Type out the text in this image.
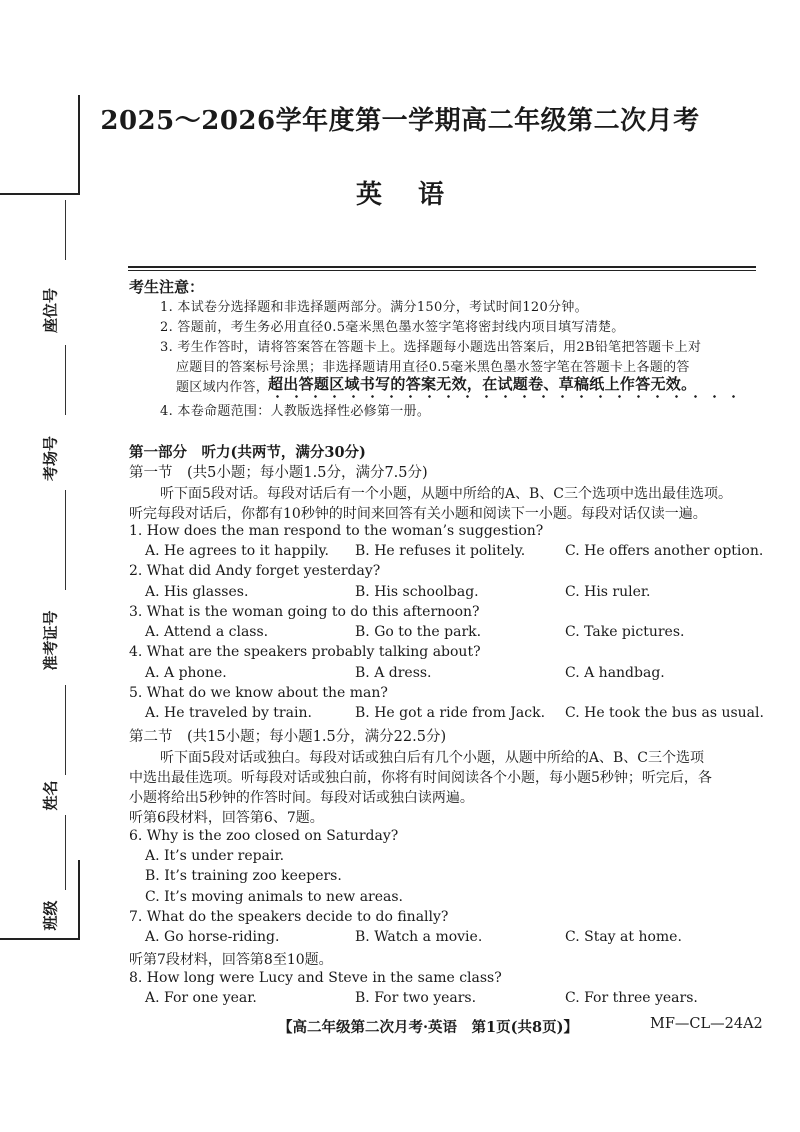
座位号
考场号
准考证号
姓名
班级
2025～2026学年度第一学期高二年级第二次月考
英 语
考生注意：
1. 本试卷分选择题和非选择题两部分。满分150分，考试时间120分钟。
2. 答题前，考生务必用直径0.5毫米黑色墨水签字笔将密封线内项目填写清楚。
3. 考生作答时，请将答案答在答题卡上。选择题每小题选出答案后，用2B铅笔把答题卡上对
应题目的答案标号涂黑；非选择题请用直径0.5毫米黑色墨水签字笔在答题卡上各题的答
题区域内作答，
超出答题区域书写的答案无效，在试题卷、草稿纸上作答无效。
4. 本卷命题范围：人教版选择性必修第一册。
第一部分　听力(共两节，满分30分)
第一节　(共5小题；每小题1.5分，满分7.5分)
听下面5段对话。每段对话后有一个小题，从题中所给的A、B、C三个选项中选出最佳选项。
听完每段对话后，你都有10秒钟的时间来回答有关小题和阅读下一小题。每段对话仅读一遍。
1. How does the man respond to the woman’s suggestion?
A. He agrees to it happily. B. He refuses it politely.	C. He offers another option.
2. What did Andy forget yesterday?
A. His glasses.	B. His schoolbag.	C. His ruler.
3. What is the woman going to do this afternoon?
A. Attend a class.	B. Go to the park.	C. Take pictures.
4. What are the speakers probably talking about?
A. A phone.	B. A dress.	C. A handbag.
5. What do we know about the man?
A. He traveled by train.	B. He got a ride from Jack. C. He took the bus as usual.
第二节　(共15小题；每小题1.5分，满分22.5分)
听下面5段对话或独白。每段对话或独白后有几个小题，从题中所给的A、B、C三个选项
中选出最佳选项。听每段对话或独白前，你将有时间阅读各个小题，每小题5秒钟；听完后，各
小题将给出5秒钟的作答时间。每段对话或独白读两遍。
听第6段材料，回答第6、7题。
6. Why is the zoo closed on Saturday?
A. It’s under repair.
B. It’s training zoo keepers.
C. It’s moving animals to new areas.
7. What do the speakers decide to do finally?
A. Go horse-riding.	B. Watch a movie.	C. Stay at home.
听第7段材料，回答第8至10题。
8. How long were Lucy and Steve in the same class?
A. For one year.	B. For two years.	C. For three years.
【高二年级第二次月考·英语　第1页(共8页)】	MF—CL—24A2
